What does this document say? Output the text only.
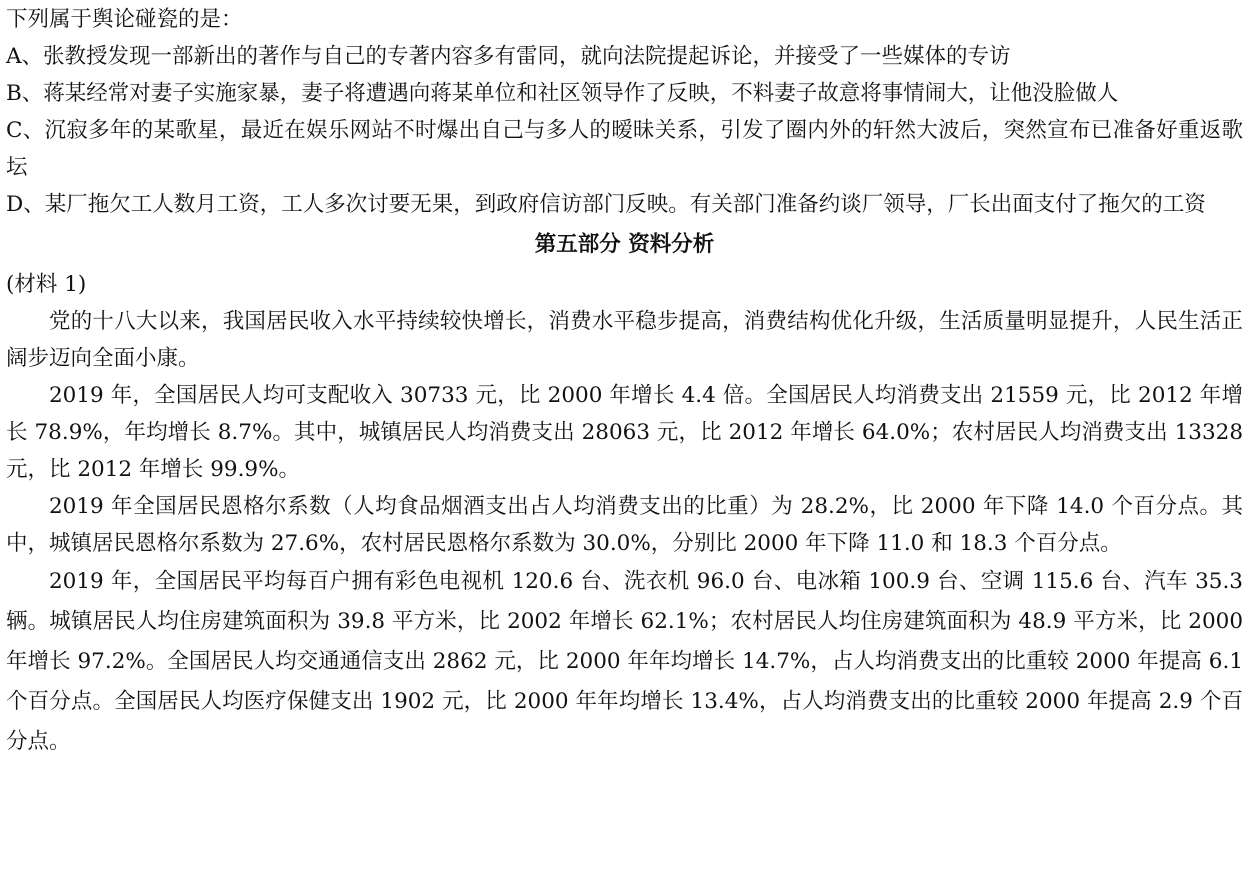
下列属于舆论碰瓷的是：

A、张教授发现一部新出的著作与自己的专著内容多有雷同，就向法院提起诉论，并接受了一些媒体的专访

B、蒋某经常对妻子实施家暴，妻子将遭遇向蒋某单位和社区领导作了反映，不料妻子故意将事情闹大，让他没脸做人

C、沉寂多年的某歌星，最近在娱乐网站不时爆出自己与多人的暧昧关系，引发了圈内外的轩然大波后，突然宣布已准备好重返歌坛

D、某厂拖欠工人数月工资，工人多次讨要无果，到政府信访部门反映。有关部门准备约谈厂领导，厂长出面支付了拖欠的工资

第五部分 资料分析

(材料 1)

党的十八大以来，我国居民收入水平持续较快增长，消费水平稳步提高，消费结构优化升级，生活质量明显提升，人民生活正阔步迈向全面小康。

2019 年，全国居民人均可支配收入 30733 元，比 2000 年增长 4.4 倍。全国居民人均消费支出 21559 元，比 2012 年增长 78.9%，年均增长 8.7%。其中，城镇居民人均消费支出 28063 元，比 2012 年增长 64.0%；农村居民人均消费支出 13328 元，比 2012 年增长 99.9%。

2019 年全国居民恩格尔系数（人均食品烟酒支出占人均消费支出的比重）为 28.2%，比 2000 年下降 14.0 个百分点。其中，城镇居民恩格尔系数为 27.6%，农村居民恩格尔系数为 30.0%，分别比 2000 年下降 11.0 和 18.3 个百分点。

2019 年，全国居民平均每百户拥有彩色电视机 120.6 台、洗衣机 96.0 台、电冰箱 100.9 台、空调 115.6 台、汽车 35.3 辆。城镇居民人均住房建筑面积为 39.8 平方米，比 2002 年增长 62.1%；农村居民人均住房建筑面积为 48.9 平方米，比 2000 年增长 97.2%。全国居民人均交通通信支出 2862 元，比 2000 年年均增长 14.7%，占人均消费支出的比重较 2000 年提高 6.1 个百分点。全国居民人均医疗保健支出 1902 元，比 2000 年年均增长 13.4%，占人均消费支出的比重较 2000 年提高 2.9 个百分点。
